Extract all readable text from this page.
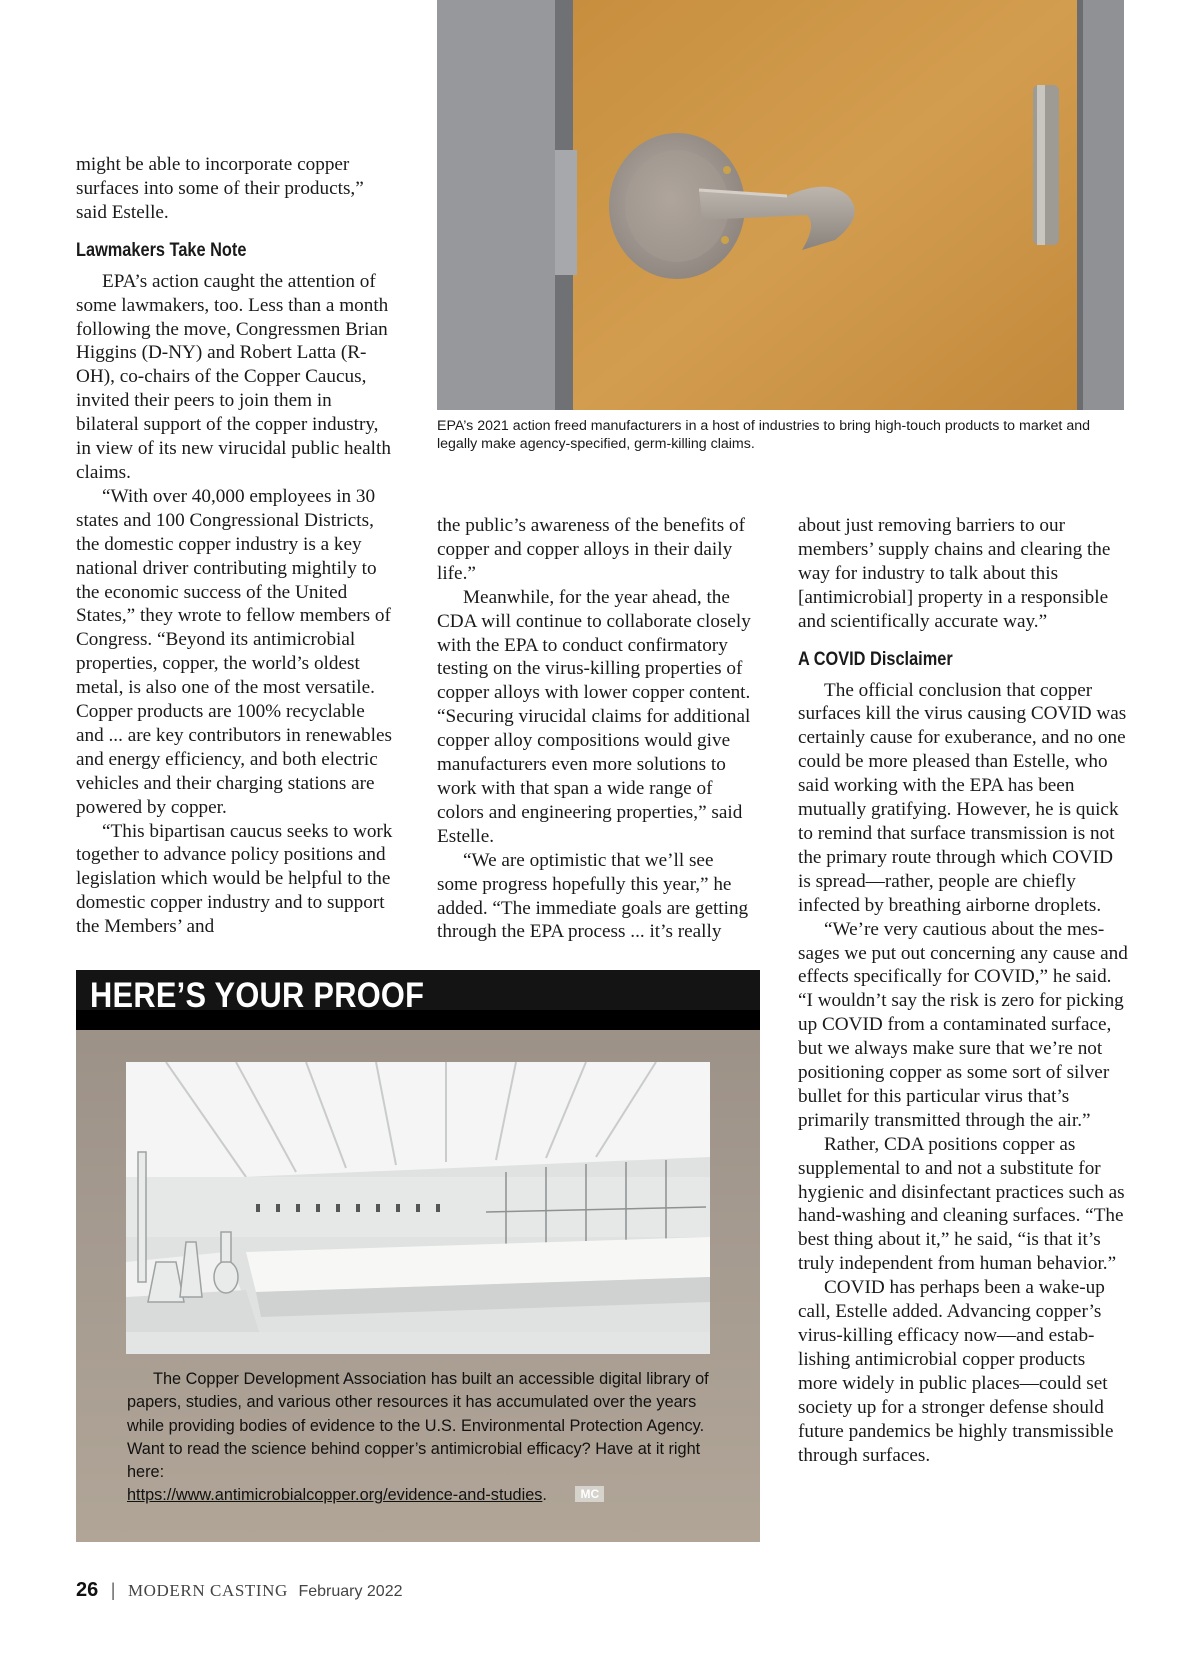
might be able to incorporate copper surfaces into some of their products,” said Estelle.

Lawmakers Take Note

EPA’s action caught the attention of some lawmakers, too. Less than a month following the move, Congressmen Brian Higgins (D-NY) and Robert Latta (R-OH), co-chairs of the Copper Caucus, invited their peers to join them in bilateral support of the copper industry, in view of its new virucidal public health claims.

“With over 40,000 employees in 30 states and 100 Congressional Districts, the domestic copper industry is a key national driver contributing mightily to the economic success of the United States,” they wrote to fellow members of Congress. “Beyond its antimicrobial properties, copper, the world’s oldest metal, is also one of the most versatile. Copper products are 100% recyclable and ... are key contributors in renewables and energy efficiency, and both electric vehicles and their charging stations are powered by copper.

“This bipartisan caucus seeks to work together to advance policy positions and legislation which would be helpful to the domestic copper industry and to support the Members’ and

EPA’s 2021 action freed manufacturers in a host of industries to bring high-touch products to market and legally make agency-specified, germ-killing claims.

the public’s awareness of the benefits of copper and copper alloys in their daily life.”

Meanwhile, for the year ahead, the CDA will continue to collaborate closely with the EPA to conduct confirmatory testing on the virus-killing properties of copper alloys with lower copper content. “Securing virucidal claims for additional copper alloy compositions would give manufacturers even more solutions to work with that span a wide range of colors and engineering properties,” said Estelle.

“We are optimistic that we’ll see some progress hopefully this year,” he added. “The immediate goals are getting through the EPA process ... it’s really

about just removing barriers to our members’ supply chains and clearing the way for industry to talk about this [antimicrobial] property in a responsible and scientifically accurate way.”

A COVID Disclaimer

The official conclusion that copper surfaces kill the virus causing COVID was certainly cause for exuberance, and no one could be more pleased than Estelle, who said working with the EPA has been mutually gratifying. However, he is quick to remind that surface transmission is not the primary route through which COVID is spread—rather, people are chiefly infected by breathing airborne droplets.

“We’re very cautious about the messages we put out concerning any cause and effects specifically for COVID,” he said. “I wouldn’t say the risk is zero for picking up COVID from a contaminated surface, but we always make sure that we’re not positioning copper as some sort of silver bullet for this particular virus that’s primarily transmitted through the air.”

Rather, CDA positions copper as supplemental to and not a substitute for hygienic and disinfectant practices such as hand-washing and cleaning surfaces. “The best thing about it,” he said, “is that it’s truly independent from human behavior.”

COVID has perhaps been a wake-up call, Estelle added. Advancing copper’s virus-killing efficacy now—and establishing antimicrobial copper products more widely in public places—could set society up for a stronger defense should future pandemics be highly transmissible through surfaces.

HERE’S YOUR PROOF
The Copper Development Association has built an accessible digital library of papers, studies, and various other resources it has accumulated over the years while providing bodies of evidence to the U.S. Environmental Protection Agency. Want to read the science behind copper’s antimicrobial efficacy? Have at it right here:
https://www.antimicrobialcopper.org/evidence-and-studies.	MC
26 | MODERN CASTING February 2022
